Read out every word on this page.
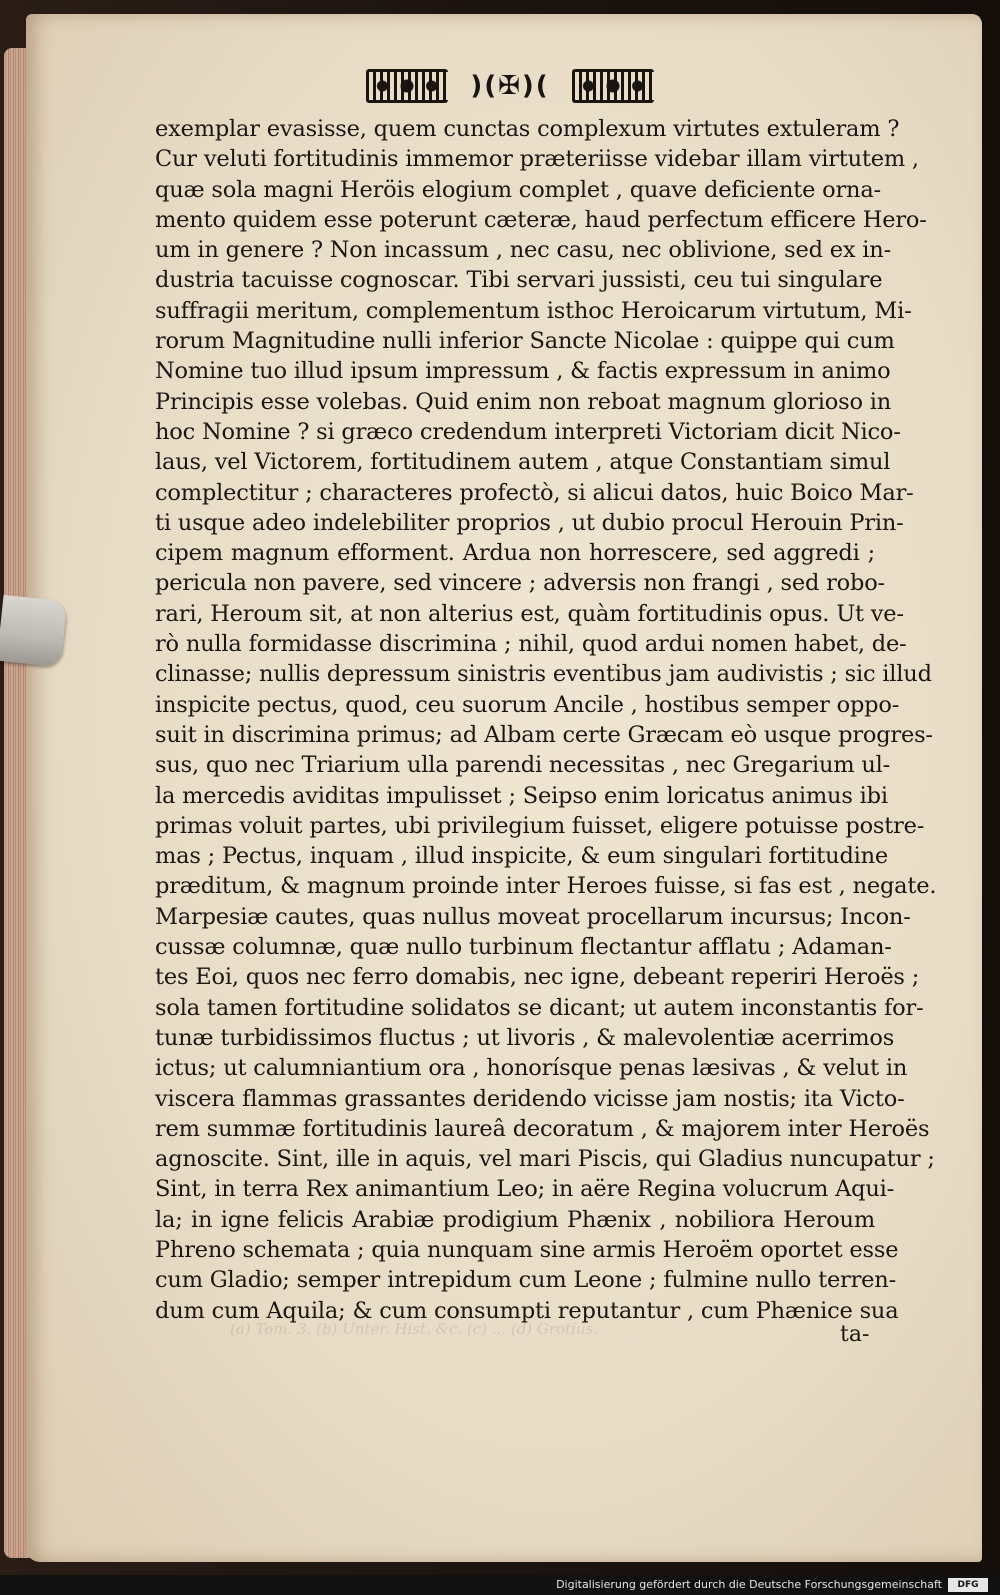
)(✠)(
exemplar evasisse, quem cunctas complexum virtutes extuleram ?
Cur veluti fortitudinis immemor præteriisse videbar illam virtutem ,
quæ sola magni Heröis elogium complet , quave deficiente orna-
mento quidem esse poterunt cæteræ, haud perfectum efficere Hero-
um in genere ? Non incassum , nec casu, nec oblivione, sed ex in-
dustria tacuisse cognoscar. Tibi servari jussisti, ceu tui singulare
suffragii meritum, complementum isthoc Heroicarum virtutum, Mi-
rorum Magnitudine nulli inferior Sancte Nicolae : quippe qui cum
Nomine tuo illud ipsum impressum , & factis expressum in animo
Principis esse volebas. Quid enim non reboat magnum glorioso in
hoc Nomine ? si græco credendum interpreti Victoriam dicit Nico-
laus, vel Victorem, fortitudinem autem , atque Constantiam simul
complectitur ; characteres profectò, si alicui datos, huic Boico Mar-
ti usque adeo indelebiliter proprios , ut dubio procul Herouin Prin-
cipem magnum efforment. Ardua non horrescere, sed aggredi ;
pericula non pavere, sed vincere ; adversis non frangi , sed robo-
rari, Heroum sit, at non alterius est, quàm fortitudinis opus. Ut ve-
rò nulla formidasse discrimina ; nihil, quod ardui nomen habet, de-
clinasse; nullis depressum sinistris eventibus jam audivistis ; sic illud
inspicite pectus, quod, ceu suorum Ancile , hostibus semper oppo-
suit in discrimina primus; ad Albam certe Græcam eò usque progres-
sus, quo nec Triarium ulla parendi necessitas , nec Gregarium ul-
la mercedis aviditas impulisset ; Seipso enim loricatus animus ibi
primas voluit partes, ubi privilegium fuisset, eligere potuisse postre-
mas ; Pectus, inquam , illud inspicite, & eum singulari fortitudine
præditum, & magnum proinde inter Heroes fuisse, si fas est , negate.
Marpesiæ cautes, quas nullus moveat procellarum incursus; Incon-
cussæ columnæ, quæ nullo turbinum flectantur afflatu ; Adaman-
tes Eoi, quos nec ferro domabis, nec igne, debeant reperiri Heroës ;
sola tamen fortitudine solidatos se dicant; ut autem inconstantis for-
tunæ turbidissimos fluctus ; ut livoris , & malevolentiæ acerrimos
ictus; ut calumniantium ora , honorísque penas læsivas , & velut in
viscera flammas grassantes deridendo vicisse jam nostis; ita Victo-
rem summæ fortitudinis laureâ decoratum , & majorem inter Heroës
agnoscite. Sint, ille in aquis, vel mari Piscis, qui Gladius nuncupatur ;
Sint, in terra Rex animantium Leo; in aëre Regina volucrum Aqui-
la; in igne felicis Arabiæ prodigium Phænix , nobiliora Heroum
Phreno schemata ; quia nunquam sine armis Heroëm oportet esse
cum Gladio; semper intrepidum cum Leone ; fulmine nullo terren-
dum cum Aquila; & cum consumpti reputantur , cum Phænice sua
(a) Tom. 3. (b) Unter. Hist. &c. (c) ... (d) Grotius.	ta-
Digitalisierung gefördert durch die Deutsche Forschungsgemeinschaft	DFG
